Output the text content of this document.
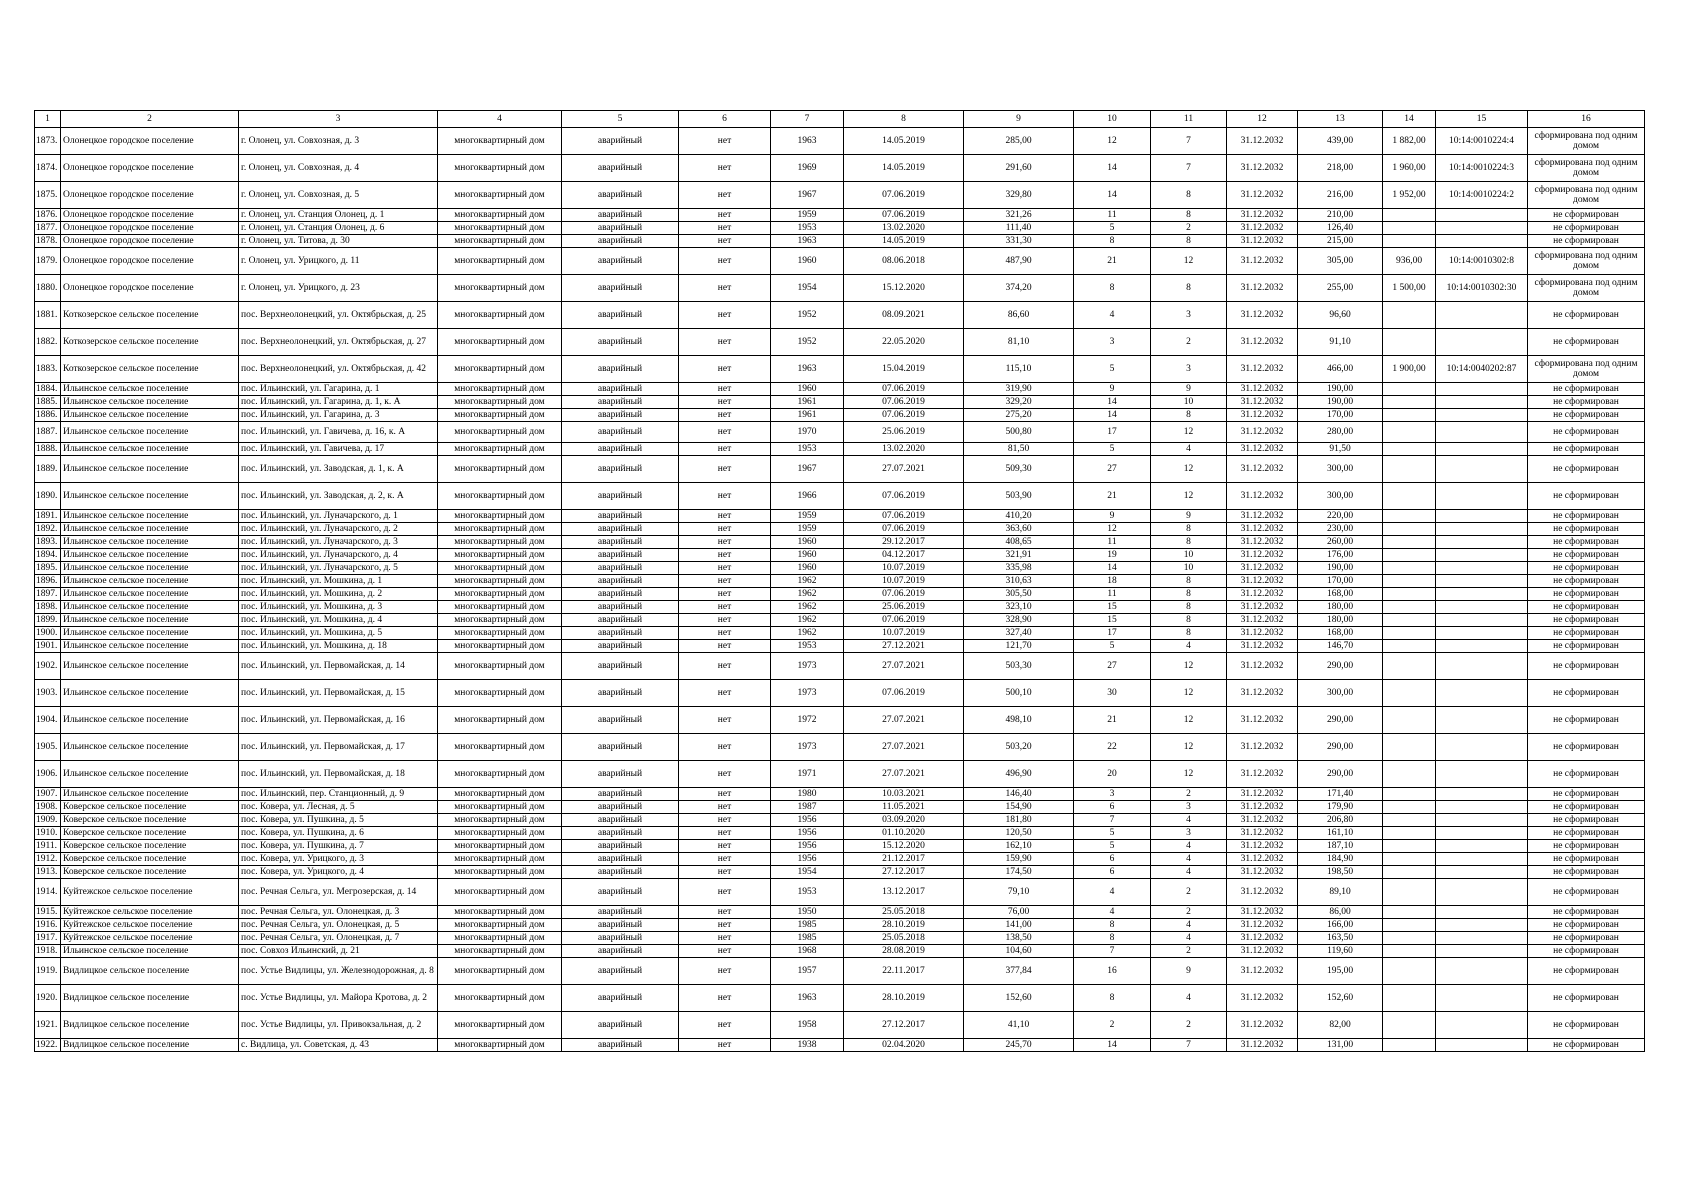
1	2	3	4	5	6	7	8	9	10	11	12	13	14	15	16
1873.	Олонецкое городское поселение	г. Олонец, ул. Совхозная, д. 3	многоквартирный дом	аварийный	нет	1963	14.05.2019	285,00	12	7	31.12.2032	439,00	1 882,00	10:14:0010224:4	сформирована под одним домом
1874.	Олонецкое городское поселение	г. Олонец, ул. Совхозная, д. 4	многоквартирный дом	аварийный	нет	1969	14.05.2019	291,60	14	7	31.12.2032	218,00	1 960,00	10:14:0010224:3	сформирована под одним домом
1875.	Олонецкое городское поселение	г. Олонец, ул. Совхозная, д. 5	многоквартирный дом	аварийный	нет	1967	07.06.2019	329,80	14	8	31.12.2032	216,00	1 952,00	10:14:0010224:2	сформирована под одним домом
1876.	Олонецкое городское поселение	г. Олонец, ул. Станция Олонец, д. 1	многоквартирный дом	аварийный	нет	1959	07.06.2019	321,26	11	8	31.12.2032	210,00			не сформирован
1877.	Олонецкое городское поселение	г. Олонец, ул. Станция Олонец, д. 6	многоквартирный дом	аварийный	нет	1953	13.02.2020	111,40	5	2	31.12.2032	126,40			не сформирован
1878.	Олонецкое городское поселение	г. Олонец, ул. Титова, д. 30	многоквартирный дом	аварийный	нет	1963	14.05.2019	331,30	8	8	31.12.2032	215,00			не сформирован
1879.	Олонецкое городское поселение	г. Олонец, ул. Урицкого, д. 11	многоквартирный дом	аварийный	нет	1960	08.06.2018	487,90	21	12	31.12.2032	305,00	936,00	10:14:0010302:8	сформирована под одним домом
1880.	Олонецкое городское поселение	г. Олонец, ул. Урицкого, д. 23	многоквартирный дом	аварийный	нет	1954	15.12.2020	374,20	8	8	31.12.2032	255,00	1 500,00	10:14:0010302:30	сформирована под одним домом
1881.	Коткозерское сельское поселение	пос. Верхнеолонецкий, ул. Октябрьская, д. 25	многоквартирный дом	аварийный	нет	1952	08.09.2021	86,60	4	3	31.12.2032	96,60			не сформирован
1882.	Коткозерское сельское поселение	пос. Верхнеолонецкий, ул. Октябрьская, д. 27	многоквартирный дом	аварийный	нет	1952	22.05.2020	81,10	3	2	31.12.2032	91,10			не сформирован
1883.	Коткозерское сельское поселение	пос. Верхнеолонецкий, ул. Октябрьская, д. 42	многоквартирный дом	аварийный	нет	1963	15.04.2019	115,10	5	3	31.12.2032	466,00	1 900,00	10:14:0040202:87	сформирована под одним домом
1884.	Ильинское сельское поселение	пос. Ильинский, ул. Гагарина, д. 1	многоквартирный дом	аварийный	нет	1960	07.06.2019	319,90	9	9	31.12.2032	190,00			не сформирован
1885.	Ильинское сельское поселение	пос. Ильинский, ул. Гагарина, д. 1, к. А	многоквартирный дом	аварийный	нет	1961	07.06.2019	329,20	14	10	31.12.2032	190,00			не сформирован
1886.	Ильинское сельское поселение	пос. Ильинский, ул. Гагарина, д. 3	многоквартирный дом	аварийный	нет	1961	07.06.2019	275,20	14	8	31.12.2032	170,00			не сформирован
1887.	Ильинское сельское поселение	пос. Ильинский, ул. Гавичева, д. 16, к. А	многоквартирный дом	аварийный	нет	1970	25.06.2019	500,80	17	12	31.12.2032	280,00			не сформирован
1888.	Ильинское сельское поселение	пос. Ильинский, ул. Гавичева, д. 17	многоквартирный дом	аварийный	нет	1953	13.02.2020	81,50	5	4	31.12.2032	91,50			не сформирован
1889.	Ильинское сельское поселение	пос. Ильинский, ул. Заводская, д. 1, к. А	многоквартирный дом	аварийный	нет	1967	27.07.2021	509,30	27	12	31.12.2032	300,00			не сформирован
1890.	Ильинское сельское поселение	пос. Ильинский, ул. Заводская, д. 2, к. А	многоквартирный дом	аварийный	нет	1966	07.06.2019	503,90	21	12	31.12.2032	300,00			не сформирован
1891.	Ильинское сельское поселение	пос. Ильинский, ул. Луначарского, д. 1	многоквартирный дом	аварийный	нет	1959	07.06.2019	410,20	9	9	31.12.2032	220,00			не сформирован
1892.	Ильинское сельское поселение	пос. Ильинский, ул. Луначарского, д. 2	многоквартирный дом	аварийный	нет	1959	07.06.2019	363,60	12	8	31.12.2032	230,00			не сформирован
1893.	Ильинское сельское поселение	пос. Ильинский, ул. Луначарского, д. 3	многоквартирный дом	аварийный	нет	1960	29.12.2017	408,65	11	8	31.12.2032	260,00			не сформирован
1894.	Ильинское сельское поселение	пос. Ильинский, ул. Луначарского, д. 4	многоквартирный дом	аварийный	нет	1960	04.12.2017	321,91	19	10	31.12.2032	176,00			не сформирован
1895.	Ильинское сельское поселение	пос. Ильинский, ул. Луначарского, д. 5	многоквартирный дом	аварийный	нет	1960	10.07.2019	335,98	14	10	31.12.2032	190,00			не сформирован
1896.	Ильинское сельское поселение	пос. Ильинский, ул. Мошкина, д. 1	многоквартирный дом	аварийный	нет	1962	10.07.2019	310,63	18	8	31.12.2032	170,00			не сформирован
1897.	Ильинское сельское поселение	пос. Ильинский, ул. Мошкина, д. 2	многоквартирный дом	аварийный	нет	1962	07.06.2019	305,50	11	8	31.12.2032	168,00			не сформирован
1898.	Ильинское сельское поселение	пос. Ильинский, ул. Мошкина, д. 3	многоквартирный дом	аварийный	нет	1962	25.06.2019	323,10	15	8	31.12.2032	180,00			не сформирован
1899.	Ильинское сельское поселение	пос. Ильинский, ул. Мошкина, д. 4	многоквартирный дом	аварийный	нет	1962	07.06.2019	328,90	15	8	31.12.2032	180,00			не сформирован
1900.	Ильинское сельское поселение	пос. Ильинский, ул. Мошкина, д. 5	многоквартирный дом	аварийный	нет	1962	10.07.2019	327,40	17	8	31.12.2032	168,00			не сформирован
1901.	Ильинское сельское поселение	пос. Ильинский, ул. Мошкина, д. 18	многоквартирный дом	аварийный	нет	1953	27.12.2021	121,70	5	4	31.12.2032	146,70			не сформирован
1902.	Ильинское сельское поселение	пос. Ильинский, ул. Первомайская, д. 14	многоквартирный дом	аварийный	нет	1973	27.07.2021	503,30	27	12	31.12.2032	290,00			не сформирован
1903.	Ильинское сельское поселение	пос. Ильинский, ул. Первомайская, д. 15	многоквартирный дом	аварийный	нет	1973	07.06.2019	500,10	30	12	31.12.2032	300,00			не сформирован
1904.	Ильинское сельское поселение	пос. Ильинский, ул. Первомайская, д. 16	многоквартирный дом	аварийный	нет	1972	27.07.2021	498,10	21	12	31.12.2032	290,00			не сформирован
1905.	Ильинское сельское поселение	пос. Ильинский, ул. Первомайская, д. 17	многоквартирный дом	аварийный	нет	1973	27.07.2021	503,20	22	12	31.12.2032	290,00			не сформирован
1906.	Ильинское сельское поселение	пос. Ильинский, ул. Первомайская, д. 18	многоквартирный дом	аварийный	нет	1971	27.07.2021	496,90	20	12	31.12.2032	290,00			не сформирован
1907.	Ильинское сельское поселение	пос. Ильинский, пер. Станционный, д. 9	многоквартирный дом	аварийный	нет	1980	10.03.2021	146,40	3	2	31.12.2032	171,40			не сформирован
1908.	Коверское сельское поселение	пос. Ковера, ул. Лесная, д. 5	многоквартирный дом	аварийный	нет	1987	11.05.2021	154,90	6	3	31.12.2032	179,90			не сформирован
1909.	Коверское сельское поселение	пос. Ковера, ул. Пушкина, д. 5	многоквартирный дом	аварийный	нет	1956	03.09.2020	181,80	7	4	31.12.2032	206,80			не сформирован
1910.	Коверское сельское поселение	пос. Ковера, ул. Пушкина, д. 6	многоквартирный дом	аварийный	нет	1956	01.10.2020	120,50	5	3	31.12.2032	161,10			не сформирован
1911.	Коверское сельское поселение	пос. Ковера, ул. Пушкина, д. 7	многоквартирный дом	аварийный	нет	1956	15.12.2020	162,10	5	4	31.12.2032	187,10			не сформирован
1912.	Коверское сельское поселение	пос. Ковера, ул. Урицкого, д. 3	многоквартирный дом	аварийный	нет	1956	21.12.2017	159,90	6	4	31.12.2032	184,90			не сформирован
1913.	Коверское сельское поселение	пос. Ковера, ул. Урицкого, д. 4	многоквартирный дом	аварийный	нет	1954	27.12.2017	174,50	6	4	31.12.2032	198,50			не сформирован
1914.	Куйтежское сельское поселение	пос. Речная Сельга, ул. Мегрозерская, д. 14	многоквартирный дом	аварийный	нет	1953	13.12.2017	79,10	4	2	31.12.2032	89,10			не сформирован
1915.	Куйтежское сельское поселение	пос. Речная Сельга, ул. Олонецкая, д. 3	многоквартирный дом	аварийный	нет	1950	25.05.2018	76,00	4	2	31.12.2032	86,00			не сформирован
1916.	Куйтежское сельское поселение	пос. Речная Сельга, ул. Олонецкая, д. 5	многоквартирный дом	аварийный	нет	1985	28.10.2019	141,00	8	4	31.12.2032	166,00			не сформирован
1917.	Куйтежское сельское поселение	пос. Речная Сельга, ул. Олонецкая, д. 7	многоквартирный дом	аварийный	нет	1985	25.05.2018	138,50	8	4	31.12.2032	163,50			не сформирован
1918.	Ильинское сельское поселение	пос. Совхоз Ильинский, д. 21	многоквартирный дом	аварийный	нет	1968	28.08.2019	104,60	7	2	31.12.2032	119,60			не сформирован
1919.	Видлицкое сельское поселение	пос. Устье Видлицы, ул. Железнодорожная, д. 8	многоквартирный дом	аварийный	нет	1957	22.11.2017	377,84	16	9	31.12.2032	195,00			не сформирован
1920.	Видлицкое сельское поселение	пос. Устье Видлицы, ул. Майора Кротова, д. 2	многоквартирный дом	аварийный	нет	1963	28.10.2019	152,60	8	4	31.12.2032	152,60			не сформирован
1921.	Видлицкое сельское поселение	пос. Устье Видлицы, ул. Привокзальная, д. 2	многоквартирный дом	аварийный	нет	1958	27.12.2017	41,10	2	2	31.12.2032	82,00			не сформирован
1922.	Видлицкое сельское поселение	с. Видлица, ул. Советская, д. 43	многоквартирный дом	аварийный	нет	1938	02.04.2020	245,70	14	7	31.12.2032	131,00			не сформирован
